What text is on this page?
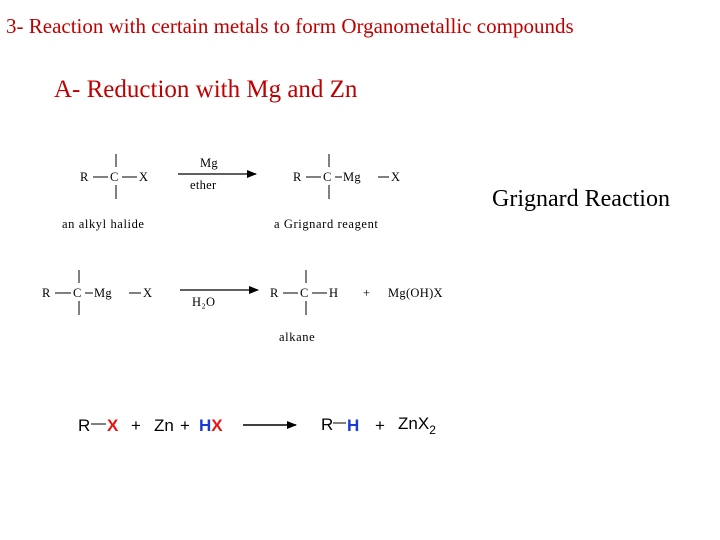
3- Reaction with certain metals to form Organometallic compounds
A- Reduction with Mg and Zn
Grignard Reaction
R C X
Mg
ether
R C Mg X
an alkyl halide	a Grignard reagent
R C Mg X
H₂O
R C H + Mg(OH)X
alkane
R X + Zn + HX	R H + ZnX$_2$
